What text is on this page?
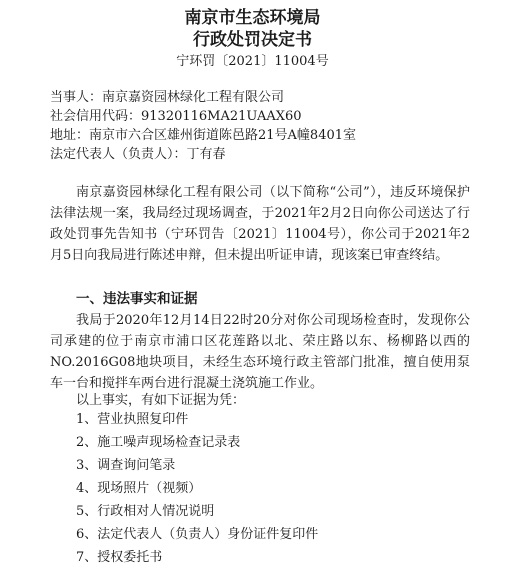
南京市生态环境局
行政处罚决定书
宁环罚〔2021〕11004号
当事人：南京嘉资园林绿化工程有限公司
社会信用代码：91320116MA21UAAX60
地址：南京市六合区雄州街道陈邑路21号A幢8401室
法定代表人（负责人）：丁有春

南京嘉资园林绿化工程有限公司（以下简称“公司”），违反环境保护法律法规一案，我局经过现场调查，于2021年2月2日向你公司送达了行政处罚事先告知书（宁环罚告〔2021〕11004号），你公司于2021年2月5日向我局进行陈述申辩，但未提出听证申请，现该案已审查终结。

一、违法事实和证据

我局于2020年12月14日22时20分对你公司现场检查时，发现你公司承建的位于南京市浦口区花莲路以北、荣庄路以东、杨柳路以西的NO.2016G08地块项目，未经生态环境行政主管部门批准，擅自使用泵车一台和搅拌车两台进行混凝土浇筑施工作业。

以上事实，有如下证据为凭：
1、营业执照复印件
2、施工噪声现场检查记录表
3、调查询问笔录
4、现场照片（视频）
5、行政相对人情况说明
6、法定代表人（负责人）身份证件复印件
7、授权委托书
